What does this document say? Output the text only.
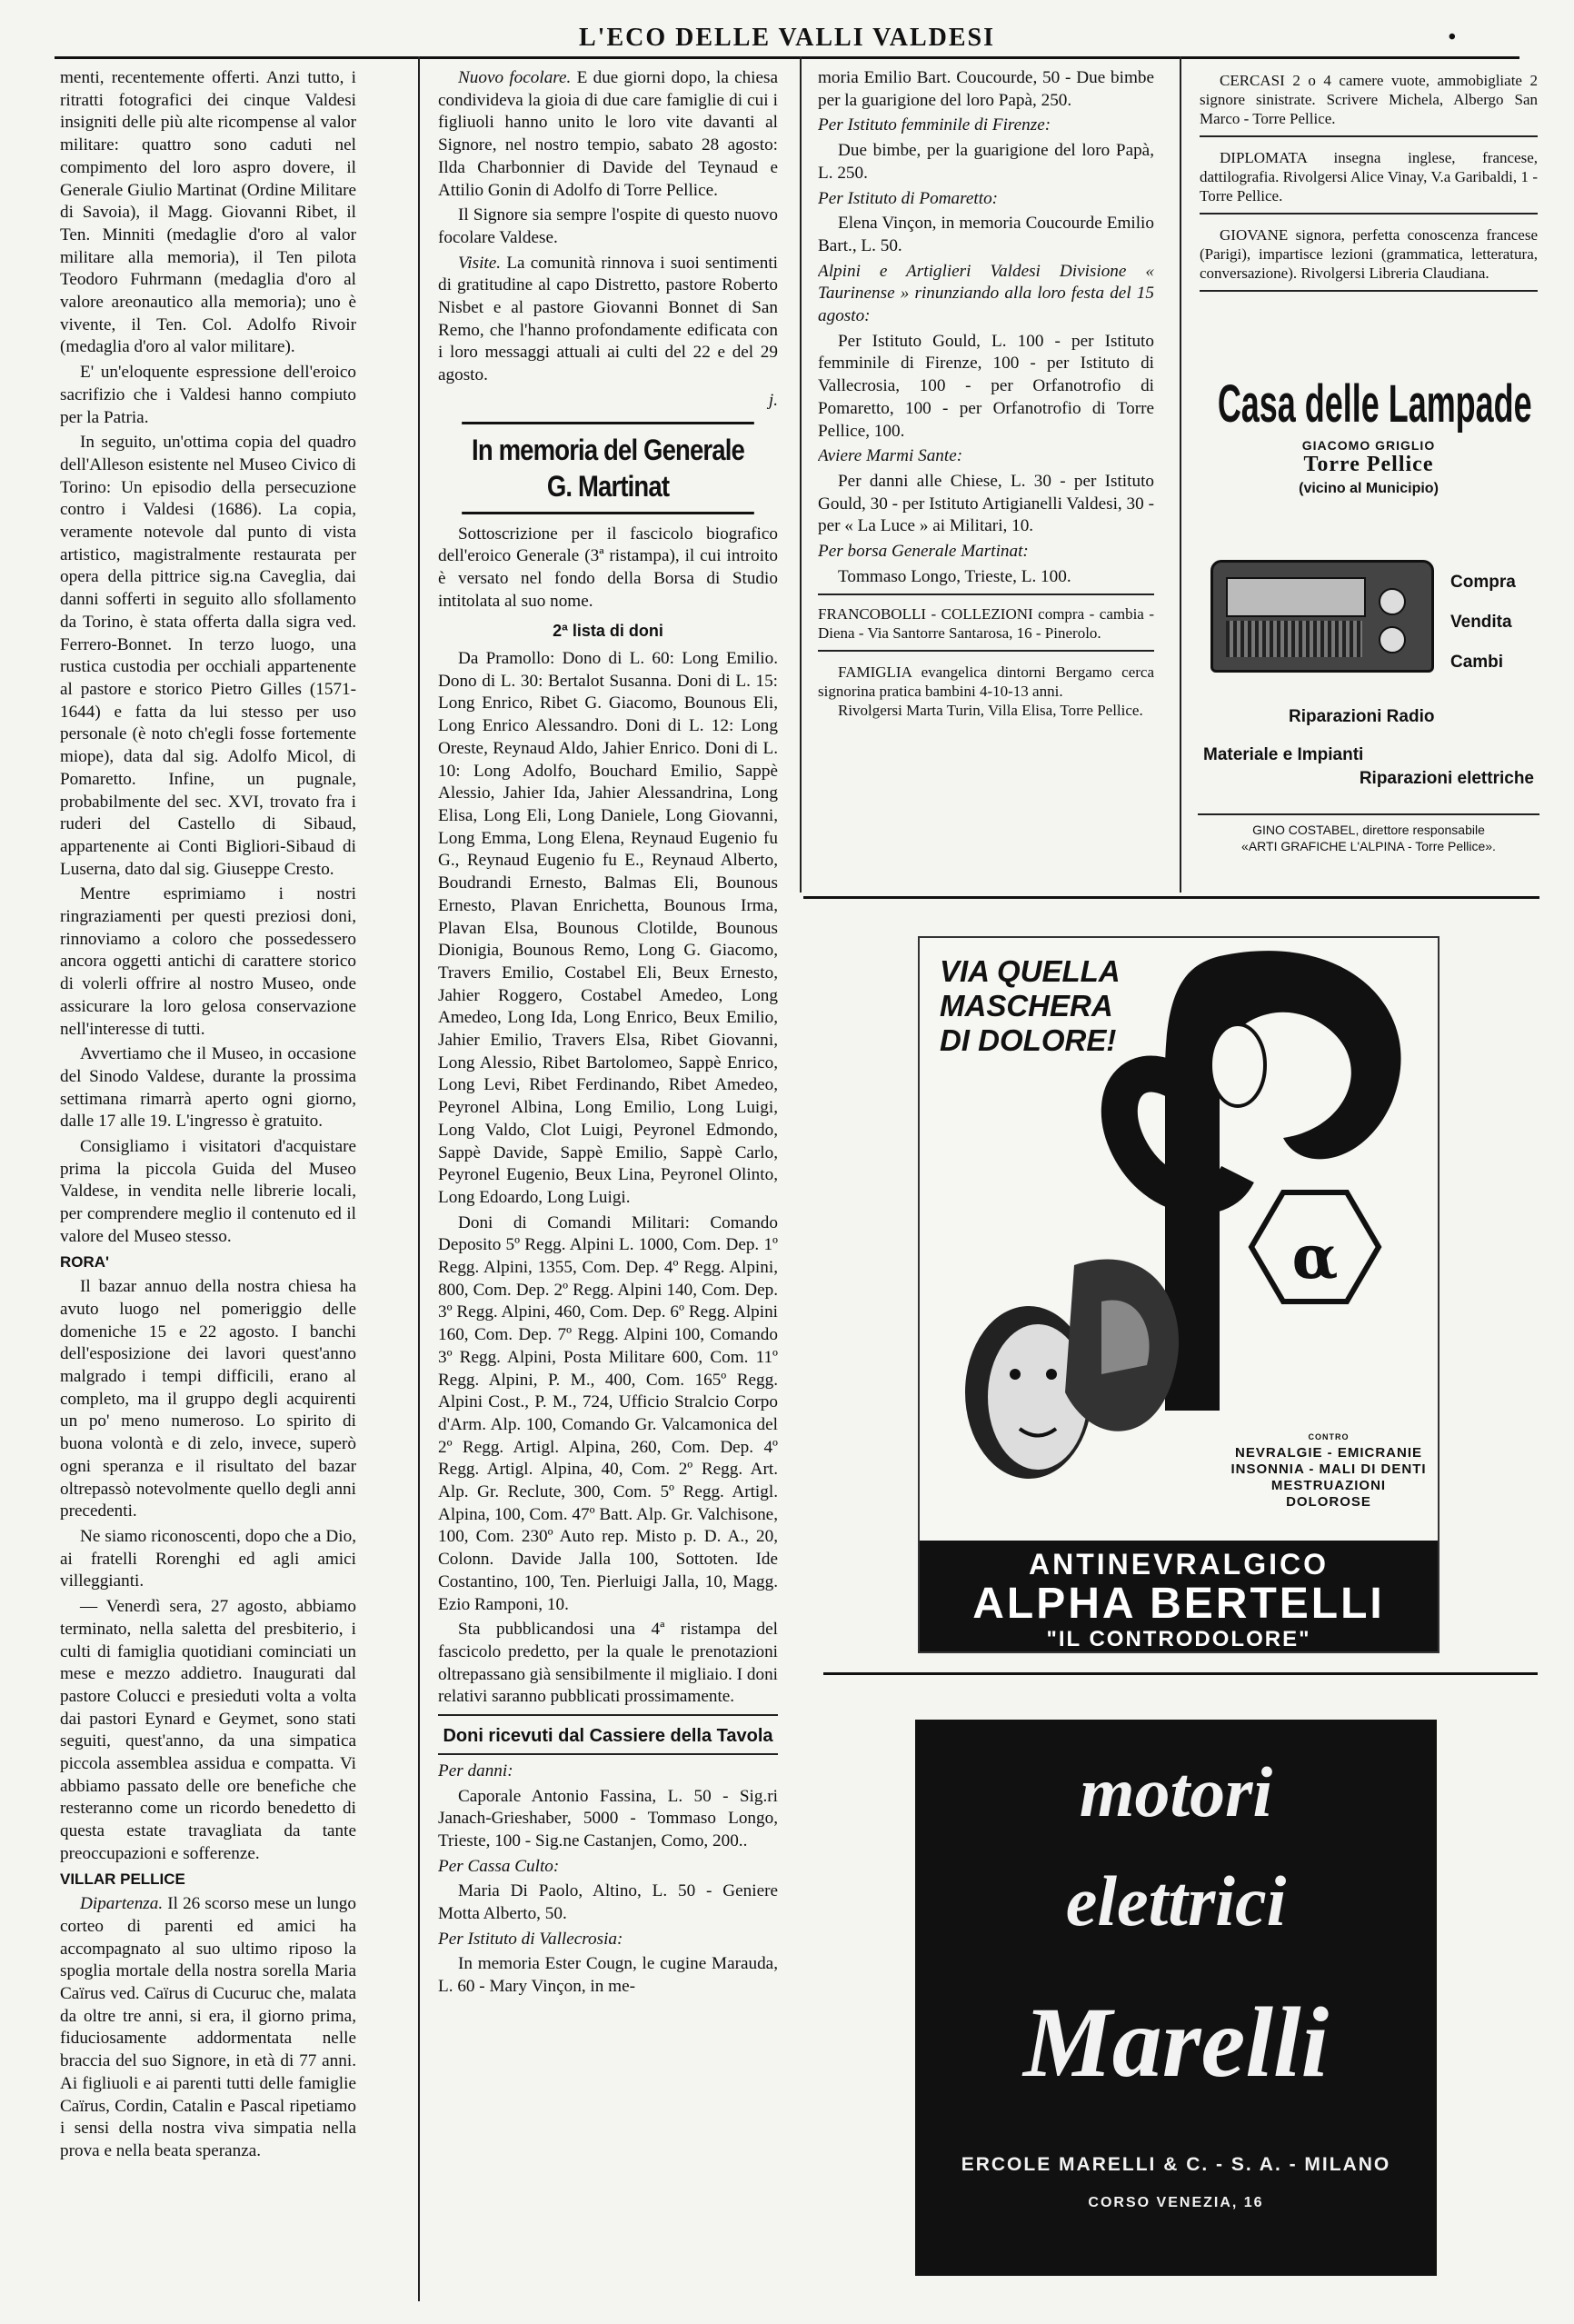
L'ECO DELLE VALLI VALDESI	•

menti, recentemente offerti. Anzi tutto, i ritratti fotografici dei cinque Valdesi insigniti delle più alte ricompense al valor militare: quattro sono caduti nel compimento del loro aspro dovere, il Generale Giulio Martinat (Ordine Militare di Savoia), il Magg. Giovanni Ribet, il Ten. Minniti (medaglie d'oro al valor militare alla memoria), il Ten pilota Teodoro Fuhrmann (medaglia d'oro al valore areonautico alla memoria); uno è vivente, il Ten. Col. Adolfo Rivoir (medaglia d'oro al valor militare).

E' un'eloquente espressione dell'eroico sacrifizio che i Valdesi hanno compiuto per la Patria.

In seguito, un'ottima copia del quadro dell'Alleson esistente nel Museo Civico di Torino: Un episodio della persecuzione contro i Valdesi (1686). La copia, veramente notevole dal punto di vista artistico, magistralmente restaurata per opera della pittrice sig.na Caveglia, dai danni sofferti in seguito allo sfollamento da Torino, è stata offerta dalla sigra ved. Ferrero-Bonnet. In terzo luogo, una rustica custodia per occhiali appartenente al pastore e storico Pietro Gilles (1571-1644) e fatta da lui stesso per uso personale (è noto ch'egli fosse fortemente miope), data dal sig. Adolfo Micol, di Pomaretto. Infine, un pugnale, probabilmente del sec. XVI, trovato fra i ruderi del Castello di Sibaud, appartenente ai Conti Bigliori-Sibaud di Luserna, dato dal sig. Giuseppe Cresto.

Mentre esprimiamo i nostri ringraziamenti per questi preziosi doni, rinnoviamo a coloro che possedessero ancora oggetti antichi di carattere storico di volerli offrire al nostro Museo, onde assicurare la loro gelosa conservazione nell'interesse di tutti.

Avvertiamo che il Museo, in occasione del Sinodo Valdese, durante la prossima settimana rimarrà aperto ogni giorno, dalle 17 alle 19. L'ingresso è gratuito.

Consigliamo i visitatori d'acquistare prima la piccola Guida del Museo Valdese, in vendita nelle librerie locali, per comprendere meglio il contenuto ed il valore del Museo stesso.

RORA'

Il bazar annuo della nostra chiesa ha avuto luogo nel pomeriggio delle domeniche 15 e 22 agosto. I banchi dell'esposizione dei lavori quest'anno malgrado i tempi difficili, erano al completo, ma il gruppo degli acquirenti un po' meno numeroso. Lo spirito di buona volontà e di zelo, invece, superò ogni speranza e il risultato del bazar oltrepassò notevolmente quello degli anni precedenti.

Ne siamo riconoscenti, dopo che a Dio, ai fratelli Rorenghi ed agli amici villeggianti.

— Venerdì sera, 27 agosto, abbiamo terminato, nella saletta del presbiterio, i culti di famiglia quotidiani cominciati un mese e mezzo addietro. Inaugurati dal pastore Colucci e presieduti volta a volta dai pastori Eynard e Geymet, sono stati seguiti, quest'anno, da una simpatica piccola assemblea assidua e compatta. Vi abbiamo passato delle ore benefiche che resteranno come un ricordo benedetto di questa estate travagliata da tante preoccupazioni e sofferenze.

VILLAR PELLICE

Dipartenza. Il 26 scorso mese un lungo corteo di parenti ed amici ha accompagnato al suo ultimo riposo la spoglia mortale della nostra sorella Maria Caïrus ved. Caïrus di Cucuruc che, malata da oltre tre anni, si era, il giorno prima, fiduciosamente addormentata nelle braccia del suo Signore, in età di 77 anni. Ai figliuoli e ai parenti tutti delle famiglie Caïrus, Cordin, Catalin e Pascal ripetiamo i sensi della nostra viva simpatia nella prova e nella beata speranza.

Nuovo focolare. E due giorni dopo, la chiesa condivideva la gioia di due care famiglie di cui i figliuoli hanno unito le loro vite davanti al Signore, nel nostro tempio, sabato 28 agosto: Ilda Charbonnier di Davide del Teynaud e Attilio Gonin di Adolfo di Torre Pellice.

Il Signore sia sempre l'ospite di questo nuovo focolare Valdese.

Visite. La comunità rinnova i suoi sentimenti di gratitudine al capo Distretto, pastore Roberto Nisbet e al pastore Giovanni Bonnet di San Remo, che l'hanno profondamente edificata con i loro messaggi attuali ai culti del 22 e del 29 agosto.

j.
In memoria del Generale G. Martinat

Sottoscrizione per il fascicolo biografico dell'eroico Generale (3ª ristampa), il cui introito è versato nel fondo della Borsa di Studio intitolata al suo nome.

2ª lista di doni

Da Pramollo: Dono di L. 60: Long Emilio. Dono di L. 30: Bertalot Susanna. Doni di L. 15: Long Enrico, Ribet G. Giacomo, Bounous Eli, Long Enrico Alessandro. Doni di L. 12: Long Oreste, Reynaud Aldo, Jahier Enrico. Doni di L. 10: Long Adolfo, Bouchard Emilio, Sappè Alessio, Jahier Ida, Jahier Alessandrina, Long Elisa, Long Eli, Long Daniele, Long Giovanni, Long Emma, Long Elena, Reynaud Eugenio fu G., Reynaud Eugenio fu E., Reynaud Alberto, Boudrandi Ernesto, Balmas Eli, Bounous Ernesto, Plavan Enrichetta, Bounous Irma, Plavan Elsa, Bounous Clotilde, Bounous Dionigia, Bounous Remo, Long G. Giacomo, Travers Emilio, Costabel Eli, Beux Ernesto, Jahier Roggero, Costabel Amedeo, Long Amedeo, Long Ida, Long Enrico, Beux Emilio, Jahier Emilio, Travers Elsa, Ribet Giovanni, Long Alessio, Ribet Bartolomeo, Sappè Enrico, Long Levi, Ribet Ferdinando, Ribet Amedeo, Peyronel Albina, Long Emilio, Long Luigi, Long Valdo, Clot Luigi, Peyronel Edmondo, Sappè Davide, Sappè Emilio, Sappè Carlo, Peyronel Eugenio, Beux Lina, Peyronel Olinto, Long Edoardo, Long Luigi.

Doni di Comandi Militari: Comando Deposito 5º Regg. Alpini L. 1000, Com. Dep. 1º Regg. Alpini, 1355, Com. Dep. 4º Regg. Alpini, 800, Com. Dep. 2º Regg. Alpini 140, Com. Dep. 3º Regg. Alpini, 460, Com. Dep. 6º Regg. Alpini 160, Com. Dep. 7º Regg. Alpini 100, Comando 3º Regg. Alpini, Posta Militare 600, Com. 11º Regg. Alpini, P. M., 400, Com. 165º Regg. Alpini Cost., P. M., 724, Ufficio Stralcio Corpo d'Arm. Alp. 100, Comando Gr. Valcamonica del 2º Regg. Artigl. Alpina, 260, Com. Dep. 4º Regg. Artigl. Alpina, 40, Com. 2º Regg. Art. Alp. Gr. Reclute, 300, Com. 5º Regg. Artigl. Alpina, 100, Com. 47º Batt. Alp. Gr. Valchisone, 100, Com. 230º Auto rep. Misto p. D. A., 20, Colonn. Davide Jalla 100, Sottoten. Ide Costantino, 100, Ten. Pierluigi Jalla, 10, Magg. Ezio Ramponi, 10.

Sta pubblicandosi una 4ª ristampa del fascicolo predetto, per la quale le prenotazioni oltrepassano già sensibilmente il migliaio. I doni relativi saranno pubblicati prossimamente.

Doni ricevuti dal Cassiere della Tavola

Per danni:

Caporale Antonio Fassina, L. 50 - Sig.ri Janach-Grieshaber, 5000 - Tommaso Longo, Trieste, 100 - Sig.ne Castanjen, Como, 200..

Per Cassa Culto:

Maria Di Paolo, Altino, L. 50 - Geniere Motta Alberto, 50.

Per Istituto di Vallecrosia:

In memoria Ester Cougn, le cugine Marauda, L. 60 - Mary Vinçon, in me-

moria Emilio Bart. Coucourde, 50 - Due bimbe per la guarigione del loro Papà, 250.

Per Istituto femminile di Firenze:

Due bimbe, per la guarigione del loro Papà, L. 250.

Per Istituto di Pomaretto:

Elena Vinçon, in memoria Coucourde Emilio Bart., L. 50.

Alpini e Artiglieri Valdesi Divisione « Taurinense » rinunziando alla loro festa del 15 agosto:

Per Istituto Gould, L. 100 - per Istituto femminile di Firenze, 100 - per Istituto di Vallecrosia, 100 - per Orfanotrofio di Pomaretto, 100 - per Orfanotrofio di Torre Pellice, 100.

Aviere Marmi Sante:

Per danni alle Chiese, L. 30 - per Istituto Gould, 30 - per Istituto Artigianelli Valdesi, 30 - per « La Luce » ai Militari, 10.

Per borsa Generale Martinat:

Tommaso Longo, Trieste, L. 100.

FRANCOBOLLI - COLLEZIONI compra - cambia - Diena - Via Santorre Santarosa, 16 - Pinerolo.

FAMIGLIA evangelica dintorni Bergamo cerca signorina pratica bambini 4-10-13 anni.

Rivolgersi Marta Turin, Villa Elisa, Torre Pellice.

CERCASI 2 o 4 camere vuote, ammobigliate 2 signore sinistrate. Scrivere Michela, Albergo San Marco - Torre Pellice.

DIPLOMATA insegna inglese, francese, dattilografia. Rivolgersi Alice Vinay, V.a Garibaldi, 1 - Torre Pellice.

GIOVANE signora, perfetta conoscenza francese (Parigi), impartisce lezioni (grammatica, letteratura, conversazione). Rivolgersi Libreria Claudiana.

Casa delle Lampade
GIACOMO GRIGLIO
Torre Pellice
(vicino al Municipio)
Compra
Vendita
Cambi
Riparazioni Radio
Materiale e Impianti
Riparazioni elettriche
GINO COSTABEL, direttore responsabile
«ARTI GRAFICHE L'ALPINA - Torre Pellice».
VIA QUELLA
MASCHERA
DI DOLORE!
α
CONTRO
NEVRALGIE - EMICRANIE
INSONNIA - MALI DI DENTI
MESTRUAZIONI DOLOROSE
ANTINEVRALGICO
ALPHA BERTELLI
"IL CONTRODOLORE"
motori
elettrici
Marelli
ERCOLE MARELLI & C. - S. A. - MILANO
CORSO VENEZIA, 16
